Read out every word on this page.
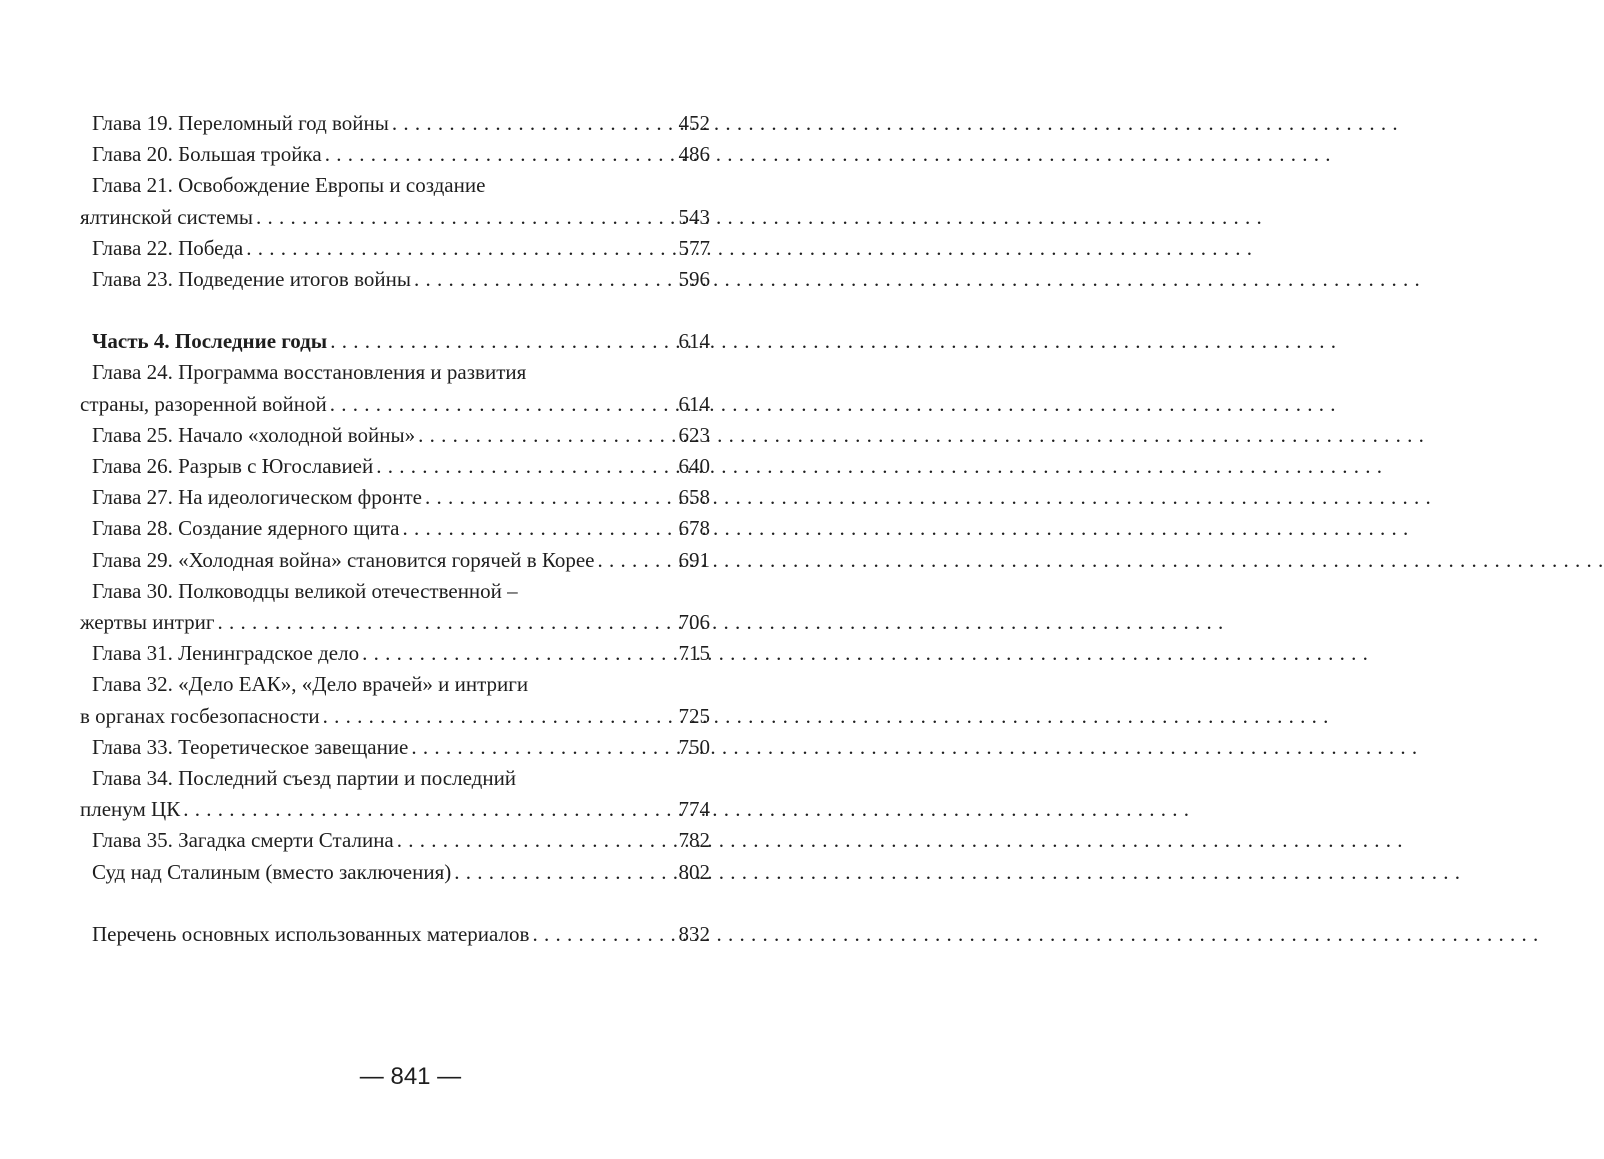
Глава 19. Переломный год войны . . .	452
Глава 20. Большая тройка . . .	486
Глава 21. Освобождение Европы и создание
ялтинской системы . . .	543
Глава 22. Победа . . .	577
Глава 23. Подведение итогов войны . . .	596
Часть 4. Последние годы . . .	614
Глава 24. Программа восстановления и развития
страны, разоренной войной . . .	614
Глава 25. Начало «холодной войны» . . .	623
Глава 26. Разрыв с Югославией . . .	640
Глава 27. На идеологическом фронте . . .	658
Глава 28. Создание ядерного щита . . .	678
Глава 29. «Холодная война» становится горячей в Корее . . .	691
Глава 30. Полководцы великой отечественной –
жертвы интриг . . .	706
Глава 31. Ленинградское дело . . .	715
Глава 32. «Дело ЕАК», «Дело врачей» и интриги
в органах госбезопасности . . .	725
Глава 33. Теоретическое завещание . . .	750
Глава 34. Последний съезд партии и последний
пленум ЦК . . .	774
Глава 35. Загадка смерти Сталина . . .	782
Суд над Сталиным (вместо заключения) . . .	802
Перечень основных использованных материалов . . .	832
— 841 —
